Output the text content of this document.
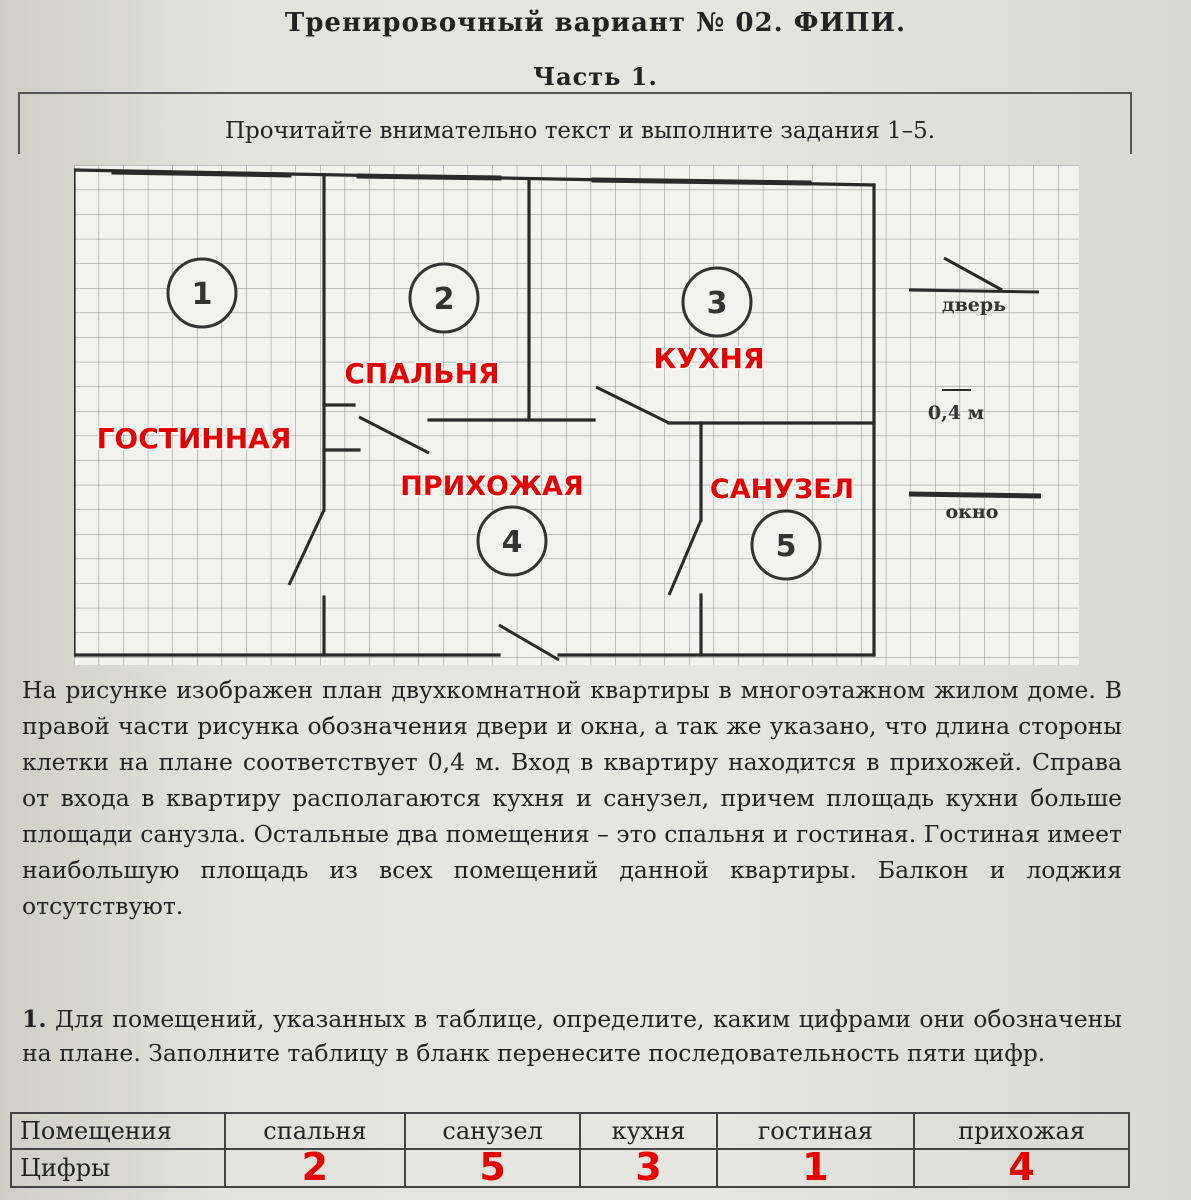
Тренировочный вариант № 02. ФИПИ.
Часть 1.
Прочитайте внимательно текст и выполните задания 1–5.
1	2	3
4	5
ГОСТИННАЯ
СПАЛЬНЯ	КУХНЯ
ПРИХОЖАЯ	САНУЗЕЛ
дверь
0,4 м
окно

На рисунке изображен план двухкомнатной квартиры в многоэтажном жилом доме. В правой части рисунка обозначения двери и окна, а так же указано, что длина стороны клетки на плане соответствует 0,4 м. Вход в квартиру находится в прихожей. Справа от входа в квартиру располагаются кухня и санузел, причем площадь кухни больше площади санузла. Остальные два помещения – это спальня и гостиная. Гостиная имеет наибольшую площадь из всех помещений данной квартиры. Балкон и лоджия отсутствуют.

1. Для помещений, указанных в таблице, определите, каким цифрами они обозначены на плане. Заполните таблицу в бланк перенесите последовательность пяти цифр.
Помещения	спальня	санузел	кухня	гостиная	прихожая
Цифры	2	5	3	1	4
